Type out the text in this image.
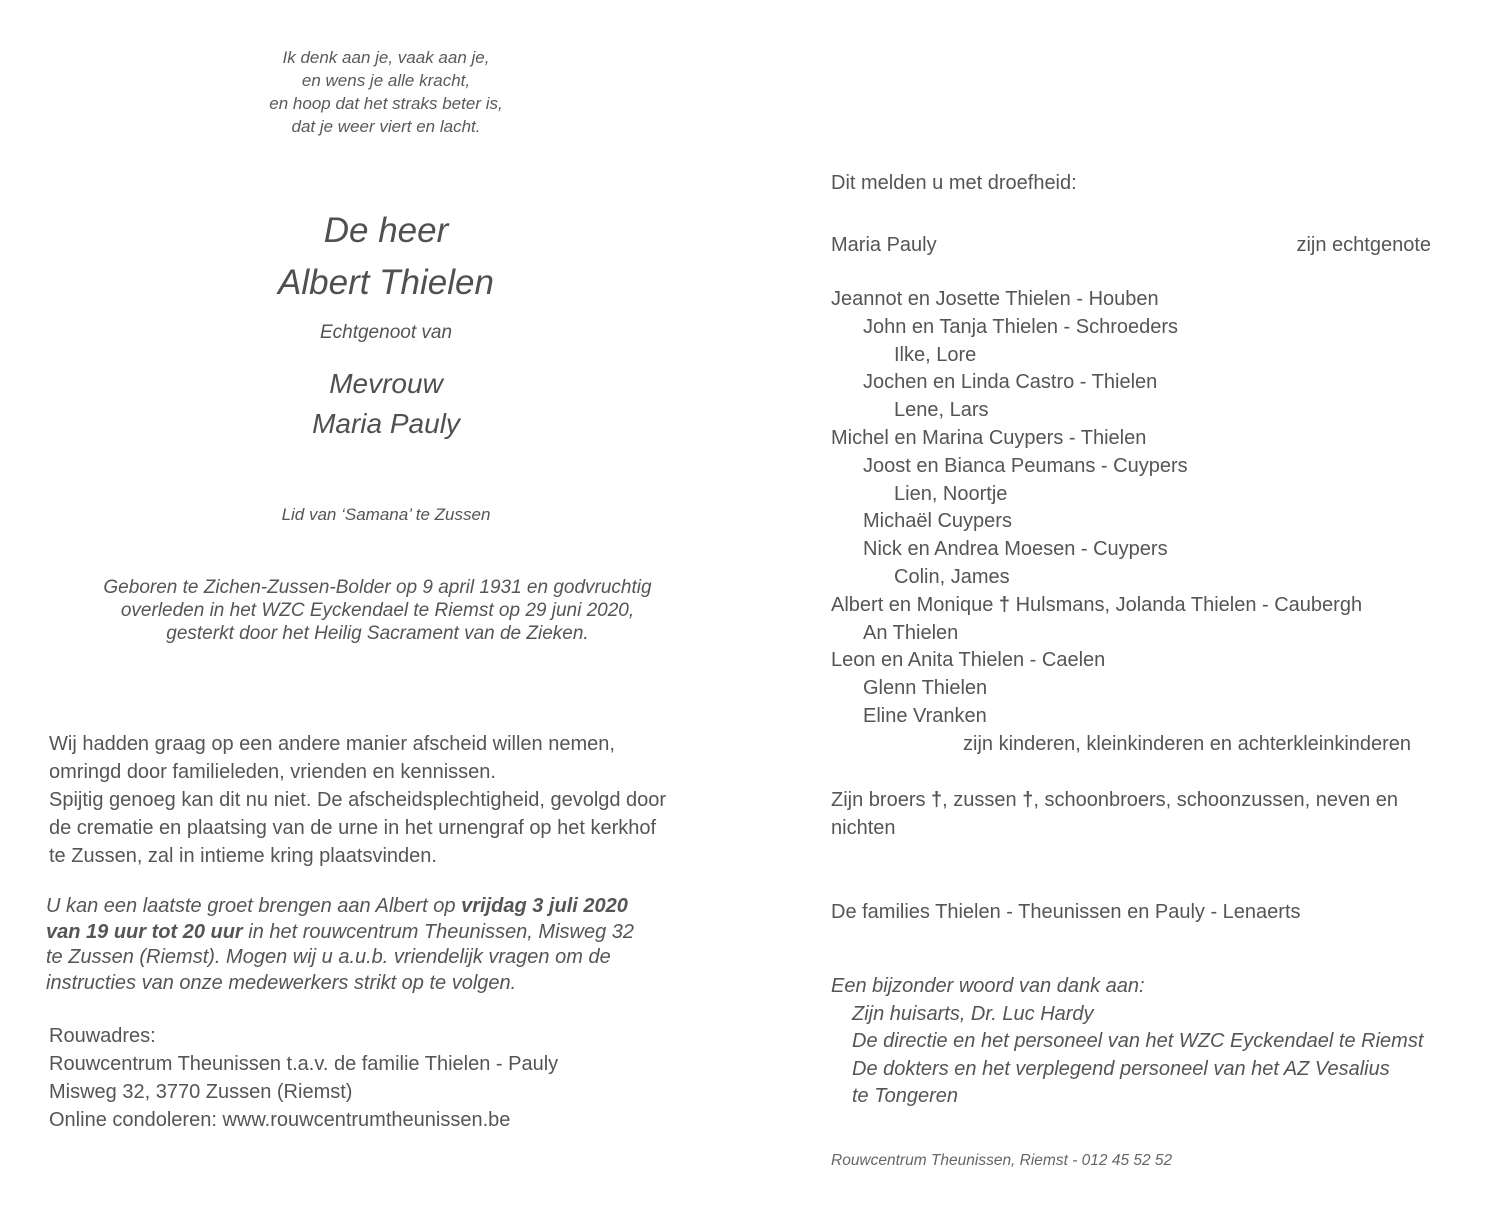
Ik denk aan je, vaak aan je,
en wens je alle kracht,
en hoop dat het straks beter is,
dat je weer viert en lacht.
De heer
Albert Thielen
Echtgenoot van
Mevrouw
Maria Pauly
Lid van ‘Samana’ te Zussen
Geboren te Zichen-Zussen-Bolder op 9 april 1931 en godvruchtig
overleden in het WZC Eyckendael te Riemst op 29 juni 2020,
gesterkt door het Heilig Sacrament van de Zieken.
Wij hadden graag op een andere manier afscheid willen nemen,
omringd door familieleden, vrienden en kennissen.
Spijtig genoeg kan dit nu niet. De afscheidsplechtigheid, gevolgd door
de crematie en plaatsing van de urne in het urnengraf op het kerkhof
te Zussen, zal in intieme kring plaatsvinden.
U kan een laatste groet brengen aan Albert op vrijdag 3 juli 2020
van 19 uur tot 20 uur in het rouwcentrum Theunissen, Misweg 32
te Zussen (Riemst). Mogen wij u a.u.b. vriendelijk vragen om de
instructies van onze medewerkers strikt op te volgen.
Rouwadres:
Rouwcentrum Theunissen t.a.v. de familie Thielen - Pauly
Misweg 32, 3770 Zussen (Riemst)
Online condoleren: www.rouwcentrumtheunissen.be
Dit melden u met droefheid:
Maria Pauly	zijn echtgenote
Jeannot en Josette Thielen - Houben
John en Tanja Thielen - Schroeders
Ilke, Lore
Jochen en Linda Castro - Thielen
Lene, Lars
Michel en Marina Cuypers - Thielen
Joost en Bianca Peumans - Cuypers
Lien, Noortje
Michaël Cuypers
Nick en Andrea Moesen - Cuypers
Colin, James
Albert en Monique † Hulsmans, Jolanda Thielen - Caubergh
An Thielen
Leon en Anita Thielen - Caelen
Glenn Thielen
Eline Vranken
zijn kinderen, kleinkinderen en achterkleinkinderen
Zijn broers †, zussen †, schoonbroers, schoonzussen, neven en
nichten
De families Thielen - Theunissen en Pauly - Lenaerts
Een bijzonder woord van dank aan:
Zijn huisarts, Dr. Luc Hardy
De directie en het personeel van het WZC Eyckendael te Riemst
De dokters en het verplegend personeel van het AZ Vesalius
te Tongeren
Rouwcentrum Theunissen, Riemst - 012 45 52 52
